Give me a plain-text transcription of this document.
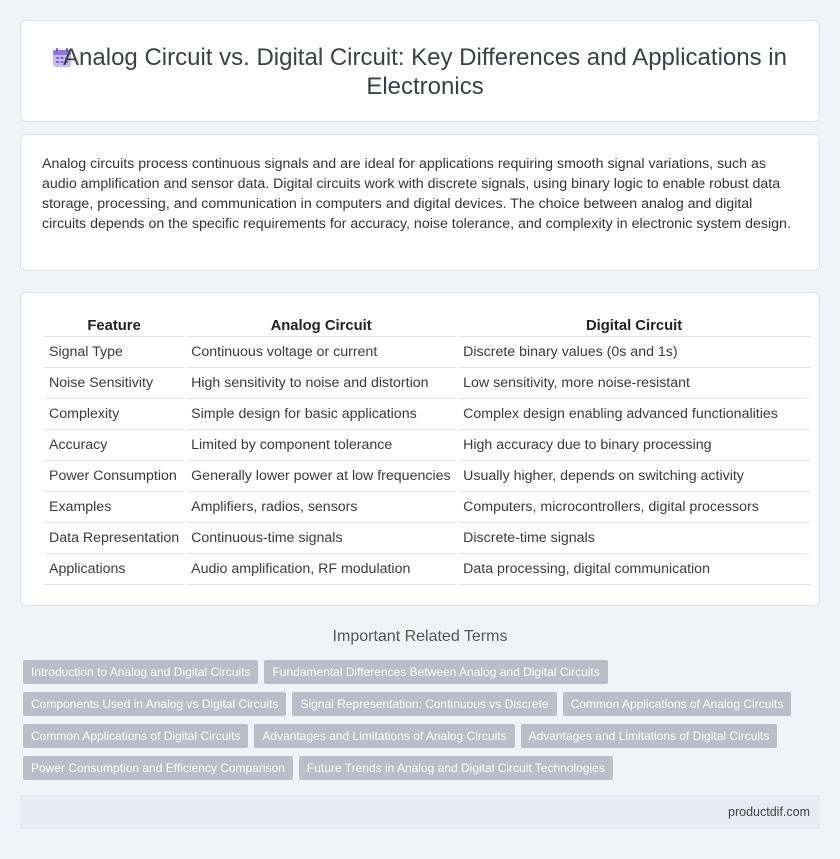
Analog Circuit vs. Digital Circuit: Key Differences and Applications in Electronics

Analog circuits process continuous signals and are ideal for applications requiring smooth signal variations, such as audio amplification and sensor data. Digital circuits work with discrete signals, using binary logic to enable robust data storage, processing, and communication in computers and digital devices. The choice between analog and digital circuits depends on the specific requirements for accuracy, noise tolerance, and complexity in electronic system design.

Feature	Analog Circuit	Digital Circuit
Signal Type	Continuous voltage or current	Discrete binary values (0s and 1s)
Noise Sensitivity	High sensitivity to noise and distortion	Low sensitivity, more noise-resistant
Complexity	Simple design for basic applications	Complex design enabling advanced functionalities
Accuracy	Limited by component tolerance	High accuracy due to binary processing
Power Consumption	Generally lower power at low frequencies	Usually higher, depends on switching activity
Examples	Amplifiers, radios, sensors	Computers, microcontrollers, digital processors
Data Representation	Continuous-time signals	Discrete-time signals
Applications	Audio amplification, RF modulation	Data processing, digital communication
Important Related Terms
Introduction to Analog and Digital Circuits	Fundamental Differences Between Analog and Digital Circuits
Components Used in Analog vs Digital Circuits	Signal Representation: Continuous vs Discrete	Common Applications of Analog Circuits
Common Applications of Digital Circuits	Advantages and Limitations of Analog Circuits	Advantages and Limitations of Digital Circuits
Power Consumption and Efficiency Comparison	Future Trends in Analog and Digital Circuit Technologies
productdif.com
